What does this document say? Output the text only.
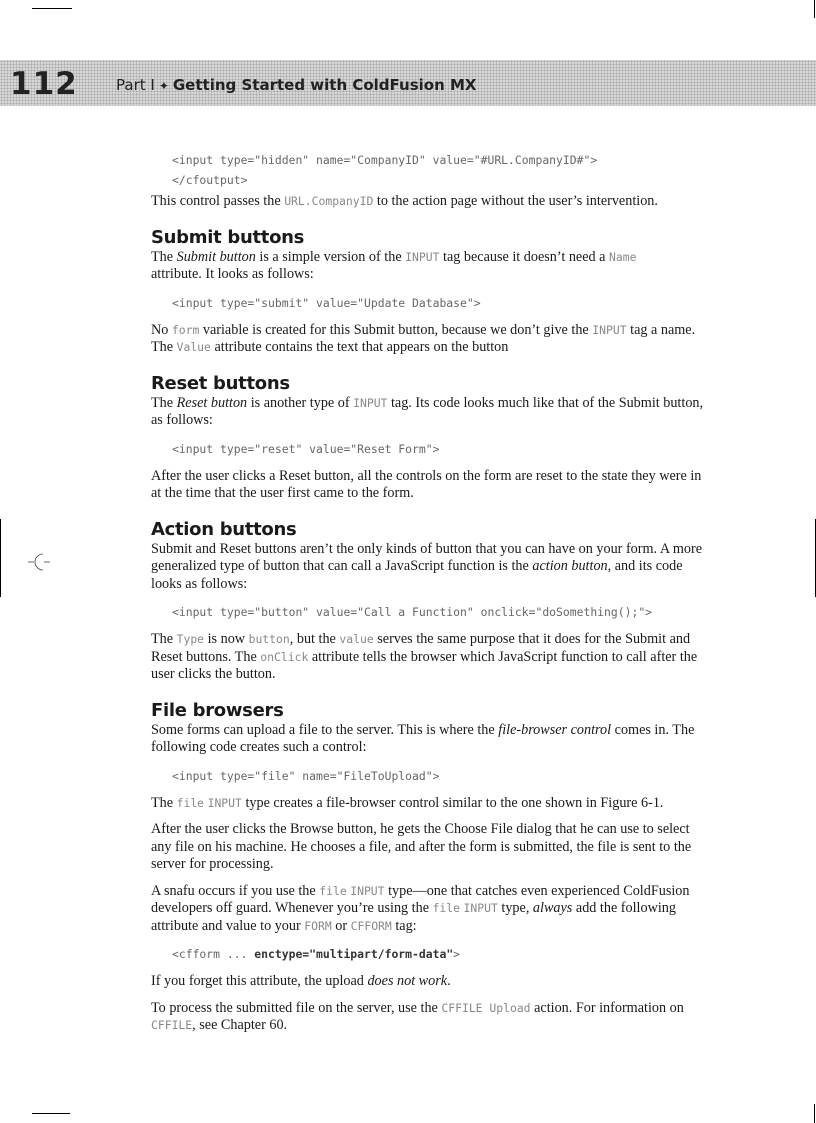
112	Part I ✦ Getting Started with ColdFusion MX
<input type="hidden" name="CompanyID" value="#URL.CompanyID#">
</cfoutput>

This control passes the URL.CompanyID to the action page without the user’s intervention.

Submit buttons

The Submit button is a simple version of the INPUT tag because it doesn’t need a Name
attribute. It looks as follows:

<input type="submit" value="Update Database">

No form variable is created for this Submit button, because we don’t give the INPUT tag a name. The Value attribute contains the text that appears on the button

Reset buttons

The Reset button is another type of INPUT tag. Its code looks much like that of the Submit button, as follows:

<input type="reset" value="Reset Form">

After the user clicks a Reset button, all the controls on the form are reset to the state they were in at the time that the user first came to the form.

Action buttons

Submit and Reset buttons aren’t the only kinds of button that you can have on your form. A more generalized type of button that can call a JavaScript function is the action button, and its code looks as follows:

<input type="button" value="Call a Function" onclick="doSomething();">

The Type is now button, but the value serves the same purpose that it does for the Submit and Reset buttons. The onClick attribute tells the browser which JavaScript function to call after the user clicks the button.

File browsers

Some forms can upload a file to the server. This is where the file-browser control comes in. The following code creates such a control:

<input type="file" name="FileToUpload">

The file INPUT type creates a file-browser control similar to the one shown in Figure 6-1.

After the user clicks the Browse button, he gets the Choose File dialog that he can use to select any file on his machine. He chooses a file, and after the form is submitted, the file is sent to the server for processing.

A snafu occurs if you use the file INPUT type—one that catches even experienced ColdFusion developers off guard. Whenever you’re using the file INPUT type, always add the following attribute and value to your FORM or CFFORM tag:

<cfform ... enctype="multipart/form-data">

If you forget this attribute, the upload does not work.

To process the submitted file on the server, use the CFFILE Upload action. For information on CFFILE, see Chapter 60.
